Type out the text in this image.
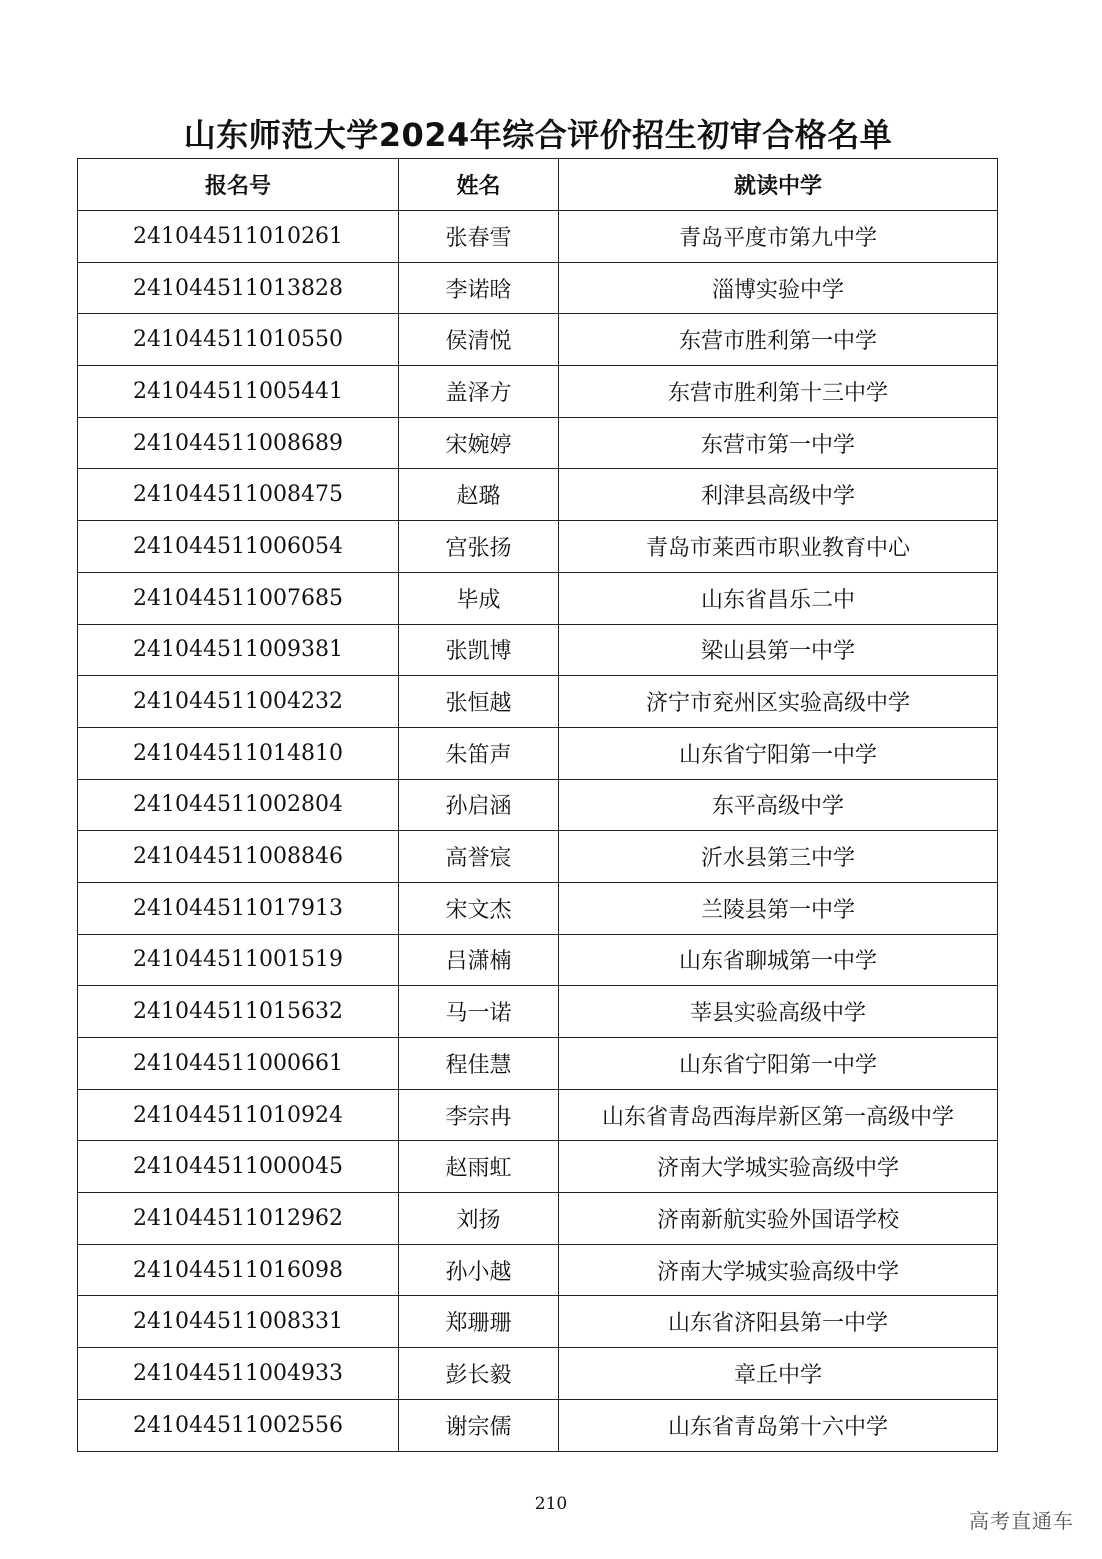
山东师范大学2024年综合评价招生初审合格名单
报名号	姓名	就读中学
241044511010261	张春雪	青岛平度市第九中学
241044511013828	李诺晗	淄博实验中学
241044511010550	侯清悦	东营市胜利第一中学
241044511005441	盖泽方	东营市胜利第十三中学
241044511008689	宋婉婷	东营市第一中学
241044511008475	赵璐	利津县高级中学
241044511006054	宫张扬	青岛市莱西市职业教育中心
241044511007685	毕成	山东省昌乐二中
241044511009381	张凯博	梁山县第一中学
241044511004232	张恒越	济宁市兖州区实验高级中学
241044511014810	朱笛声	山东省宁阳第一中学
241044511002804	孙启涵	东平高级中学
241044511008846	高誉宸	沂水县第三中学
241044511017913	宋文杰	兰陵县第一中学
241044511001519	吕潇楠	山东省聊城第一中学
241044511015632	马一诺	莘县实验高级中学
241044511000661	程佳慧	山东省宁阳第一中学
241044511010924	李宗冉	山东省青岛西海岸新区第一高级中学
241044511000045	赵雨虹	济南大学城实验高级中学
241044511012962	刘扬	济南新航实验外国语学校
241044511016098	孙小越	济南大学城实验高级中学
241044511008331	郑珊珊	山东省济阳县第一中学
241044511004933	彭长毅	章丘中学
241044511002556	谢宗儒	山东省青岛第十六中学
210
高考直通车
